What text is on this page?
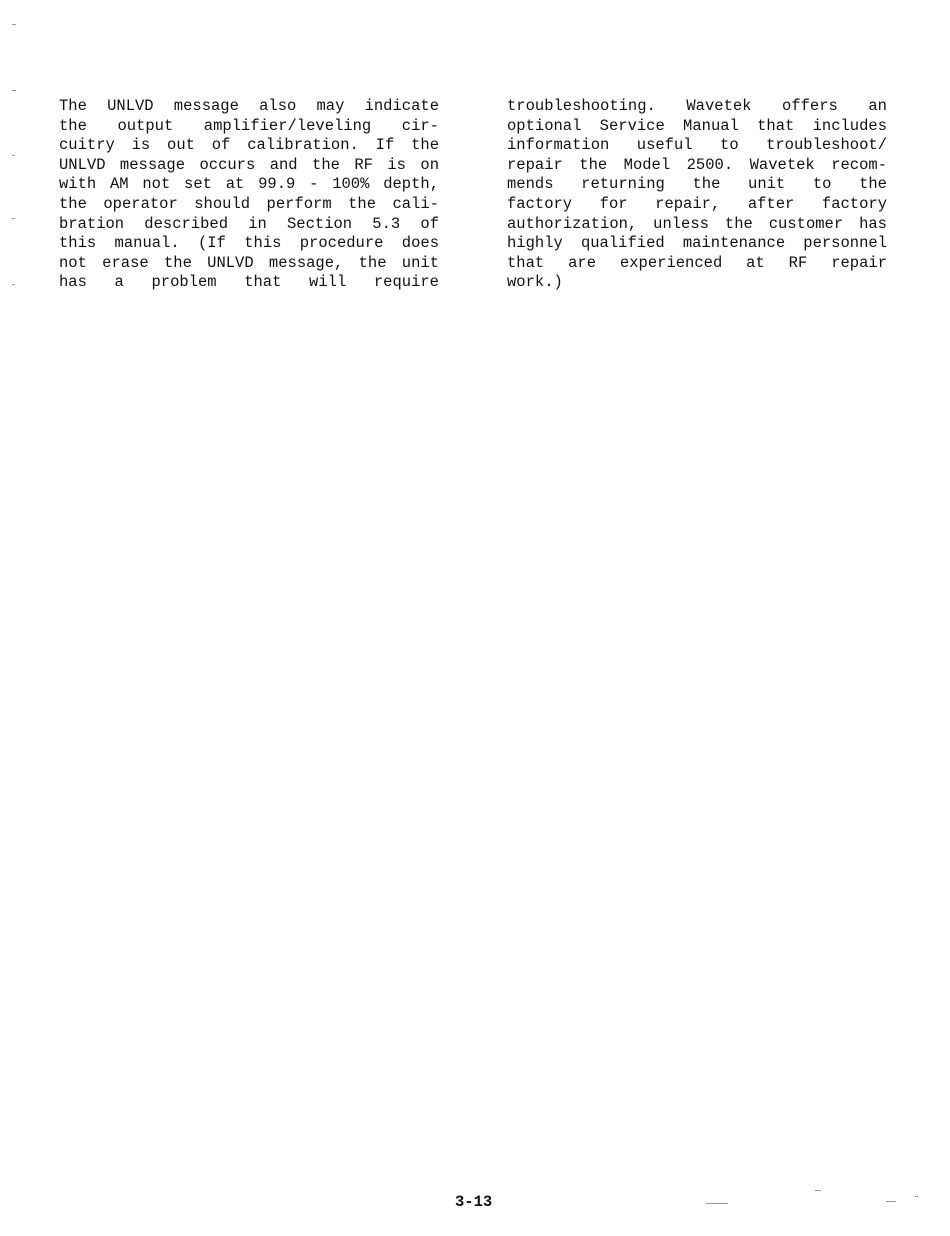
The UNLVD message also may indicate
the output amplifier/leveling cir-
cuitry is out of calibration. If the
UNLVD message occurs and the RF is on
with AM not set at 99.9 - 100% depth,
the operator should perform the cali-
bration described in Section 5.3 of
this manual. (If this procedure does
not erase the UNLVD message, the unit
has a problem that will require
troubleshooting. Wavetek offers an
optional Service Manual that includes
information useful to troubleshoot/
repair the Model 2500. Wavetek recom-
mends returning the unit to the
factory for repair, after factory
authorization, unless the customer has
highly qualified maintenance personnel
that are experienced at RF repair
work.)
3-13
